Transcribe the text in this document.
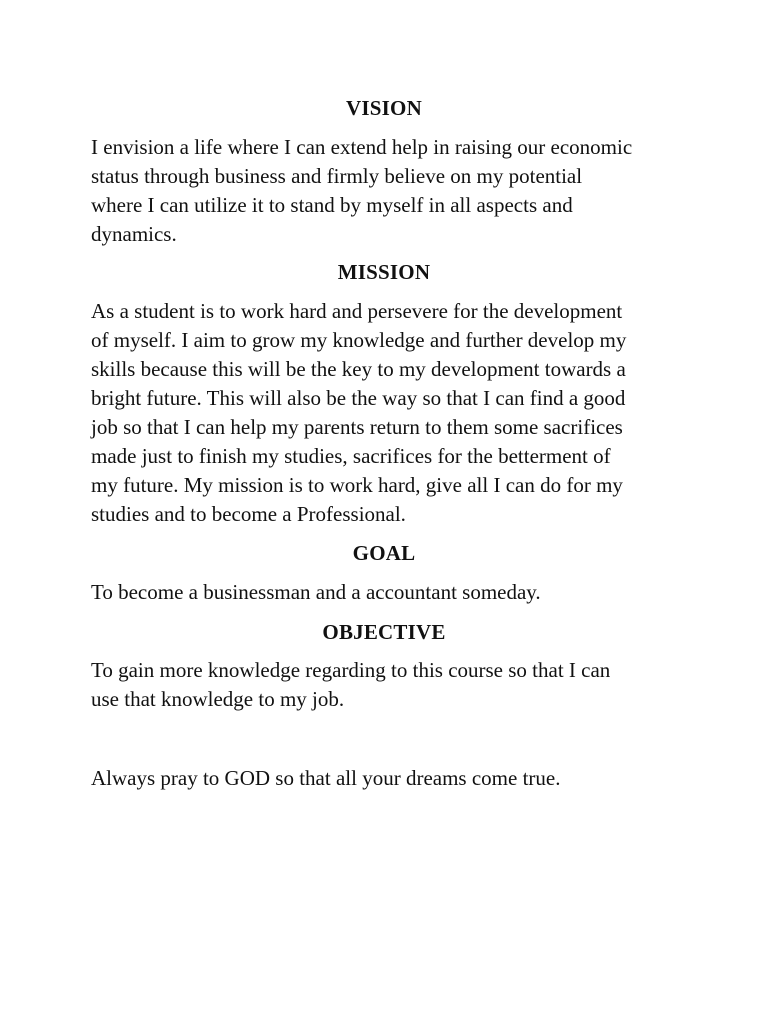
VISION

I envision a life where I can extend help in raising our economic
status through business and firmly believe on my potential
where I can utilize it to stand by myself in all aspects and
dynamics.

MISSION

As a student is to work hard and persevere for the development
of myself. I aim to grow my knowledge and further develop my
skills because this will be the key to my development towards a
bright future. This will also be the way so that I can find a good
job so that I can help my parents return to them some sacrifices
made just to finish my studies, sacrifices for the betterment of
my future. My mission is to work hard, give all I can do for my
studies and to become a Professional.

GOAL

To become a businessman and a accountant someday.

OBJECTIVE

To gain more knowledge regarding to this course so that I can
use that knowledge to my job.

Always pray to GOD so that all your dreams come true.
